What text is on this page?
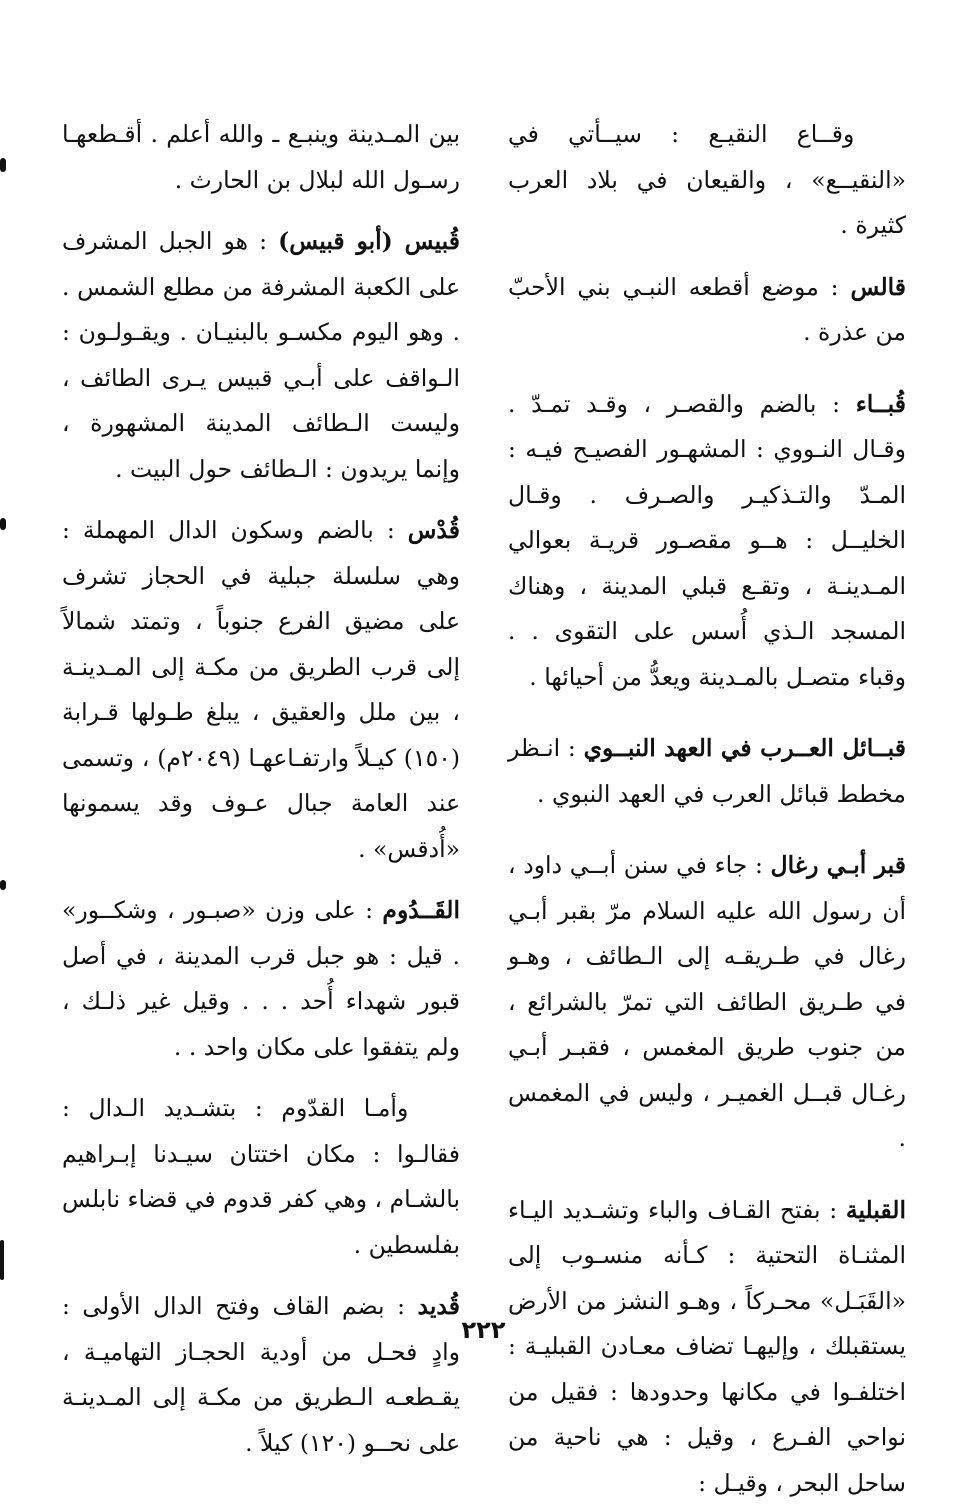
وقــاع النقيـع : سيــأتي في «النقيــع» ، والقيعان في بلاد العرب كثيرة .

قالس : موضع أقطعه النبـي بني الأحبّ من عذرة .

قُبــاء : بالضم والقصـر ، وقـد تمـدّ . وقـال النـووي : المشهـور الفصيـح فيـه : المـدّ والتـذكيـر والصـرف . وقـال الخليــل : هــو مقصـور قريـة بعوالي المـدينـة ، وتقـع قبلي المدينة ، وهناك المسجد الـذي أُسس على التقوى . . وقباء متصـل بالمـدينة ويعدُّ من أحيائها .

قبــائل العــرب في العهد النبــوي : انـظر مخطط قبائل العرب في العهد النبوي .

قبر أبـي رغال : جاء في سنن أبــي داود ، أن رسول الله عليه السلام مرّ بقبر أبـي رغال في طـريقـه إلى الـطائف ، وهـو في طـريق الطائف التي تمرّ بالشرائع ، من جنوب طريق المغمس ، فقبـر أبـي رغـال قبــل الغميـر ، وليس في المغمس .

القبلية : بفتح القـاف والباء وتشـديد اليـاء المثنـاة التحتية : كـأنه منسـوب إلى «القَبَـل» محـركاً ، وهـو النشز من الأرض يستقبلك ، وإليهـا تضاف معـادن القبليـة : اختلفـوا في مكانها وحدودها : فقيل من نواحي الفـرع ، وقيل : هي ناحية من ساحل البحر ، وقيـل :

بين المـدينة وينبـع ـ والله أعلم . أقـطعهـا رسـول الله لبلال بن الحارث .

قُبيس (أبو قبيس) : هو الجبل المشرف على الكعبة المشرفة من مطلع الشمس . . وهو اليوم مكسـو بالبنيـان . ويقـولـون : الـواقف على أبـي قبيس يـرى الطائف ، وليست الـطائف المدينة المشهورة ، وإنما يريدون : الـطائف حول البيت .

قُدْس : بالضم وسكون الدال المهملة : وهي سلسلة جبلية في الحجاز تشرف على مضيق الفرع جنوباً ، وتمتد شمالاً إلى قرب الطريق من مكـة إلى المـدينـة ، بين ملل والعقيق ، يبلغ طـولها قـرابة (١٥٠) كيـلاً وارتفـاعهـا (٢٠٤٩م) ، وتسمى عند العامة جبال عـوف وقد يسمونها «أُدقس» .

القَــدُوم : على وزن «صبـور ، وشكــور» . قيل : هو جبل قرب المدينة ، في أصل قبور شهداء أُحد . . . وقيل غير ذلـك ، ولم يتفقوا على مكان واحد . .

وأمـا القدّوم : بتشـديد الـدال : فقالـوا : مكان اختتان سيـدنا إبـراهيم بالشـام ، وهي كفر قدوم في قضاء نابلس بفلسطين .

قُديد : بضم القاف وفتح الدال الأولى : وادٍ فحـل من أودية الحجـاز التهاميـة ، يقـطعـه الـطريق من مكـة إلى المـدينـة على نحــو (١٢٠) كيلاً .

٢٢٢
